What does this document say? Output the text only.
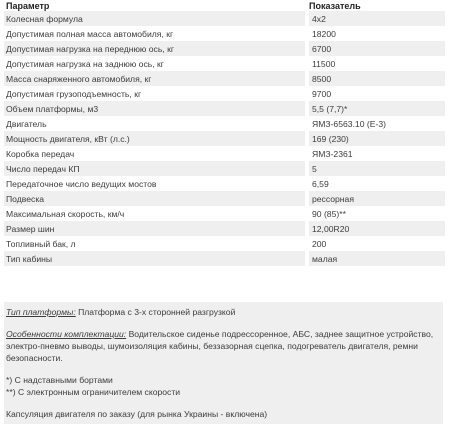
Параметр	Показатель
Колесная формула	4х2
Допустимая полная масса автомобиля, кг	18200
Допустимая нагрузка на переднюю ось, кг	6700
Допустимая нагрузка на заднюю ось, кг	11500
Масса снаряженного автомобиля, кг	8500
Допустимая грузоподъемность, кг	9700
Объем платформы, м3	5,5 (7,7)*
Двигатель	ЯМЗ-6563.10 (Е-3)
Мощность двигателя, кВт (л.с.)	169 (230)
Коробка передач	ЯМЗ-2361
Число передач КП	5
Передаточное число ведущих мостов	6,59
Подвеска	рессорная
Максимальная скорость, км/ч	90 (85)**
Размер шин	12,00R20
Топливный бак, л	200
Тип кабины	малая

Тип платформы: Платформа с 3-х сторонней разгрузкой

Особенности комплектации: Водительское сиденье подрессоренное, АБС, заднее защитное устройство, электро-пневмо выводы, шумоизоляция кабины, беззазорная сцепка, подогреватель двигателя, ремни безопасности.

*) С надставными бортами
**) С электронным ограничителем скорости
Капсуляция двигателя по заказу (для рынка Украины - включена)
